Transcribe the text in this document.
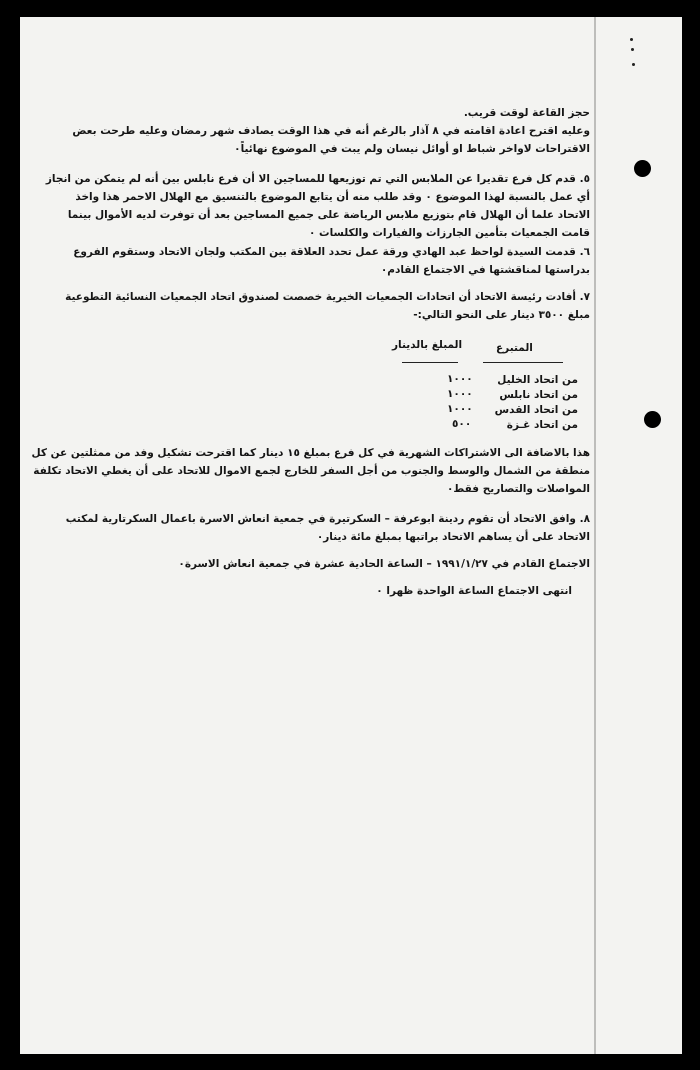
حجز القاعة لوقت قريب.
وعليه اقترح اعادة اقامته في ٨ آذار بالرغم أنه في هذا الوقت يصادف شهر رمضان وعليه طرحت بعض
الاقتراحات لاواخر شباط او أوائل نيسان ولم يبت في الموضوع نهائياً٠
٥. قدم كل فرع تقديرا عن الملابس التي تم توزيعها للمساجين الا أن فرع نابلس بين أنه لم يتمكن من انجاز
أي عمل بالنسبة لهذا الموضوع ٠ وقد طلب منه أن يتابع الموضوع بالتنسيق مع الهلال الاحمر هذا واخذ
الاتحاد علما أن الهلال قام بتوزيع ملابس الرياضة على جميع المساجين بعد أن توفرت لديه الأموال بينما
قامت الجمعيات بتأمين الجارزات والفيارات والكلسات ٠
٦. قدمت السيدة لواحظ عبد الهادي ورقة عمل تحدد العلاقة بين المكتب ولجان الاتحاد وستقوم الفروع
بدراستها لمناقشتها في الاجتماع القادم٠
٧. أفادت رئيسة الاتحاد أن اتحادات الجمعيات الخيرية خصصت لصندوق اتحاد الجمعيات النسائية التطوعية
مبلغ ٣٥٠٠ دينار على النحو التالي:-
المتبرع
المبلغ بالدينار
من اتحاد الخليل
١٠٠٠
من اتحاد نابلس
١٠٠٠
من اتحاد القدس
١٠٠٠
من اتحاد غـزة
٥٠٠
هذا بالاضافة الى الاشتراكات الشهرية في كل فرع بمبلغ ١٥ دينار كما اقترحت تشكيل وفد من ممثلتين عن كل
منطقة من الشمال والوسط والجنوب من أجل السفر للخارج لجمع الاموال للاتحاد على أن يغطي الاتحاد تكلفة
المواصلات والتصاريح فقط٠
٨. وافق الاتحاد أن تقوم ردينة ابوعرفة – السكرتيرة في جمعية انعاش الاسرة باعمال السكرتارية لمكتب
الاتحاد على أن يساهم الاتحاد براتبها بمبلغ مائة دينار٠
الاجتماع القادم في ١٩٩١/١/٢٧ – الساعة الحادية عشرة في جمعية انعاش الاسرة٠
انتهى الاجتماع الساعة الواحدة ظهرا ٠
